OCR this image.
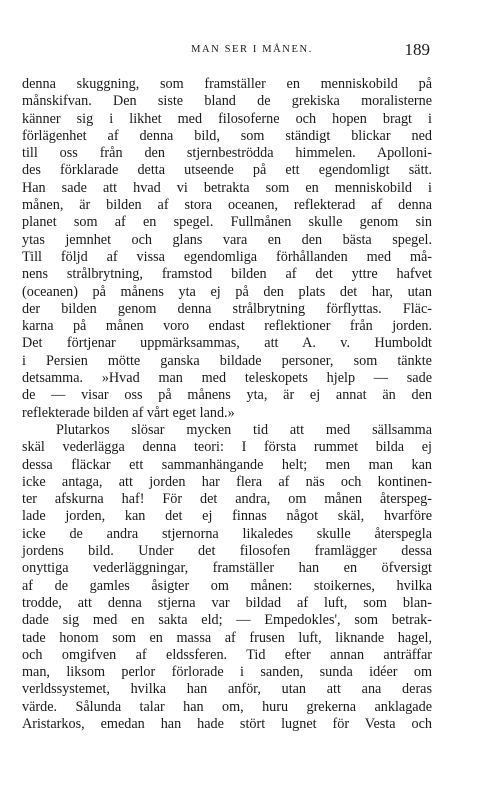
MAN SER I MÅNEN.	189
denna skuggning, som framställer en menniskobild på
månskifvan. Den siste bland de grekiska moralisterne
känner sig i likhet med filosoferne och hopen bragt i
förlägenhet af denna bild, som ständigt blickar ned
till oss från den stjernbeströdda himmelen. Apolloni-
des förklarade detta utseende på ett egendomligt sätt.
Han sade att hvad vi betrakta som en menniskobild i
månen, är bilden af stora oceanen, reflekterad af denna
planet som af en spegel. Fullmånen skulle genom sin
ytas jemnhet och glans vara en den bästa spegel.
Till följd af vissa egendomliga förhållanden med må-
nens strålbrytning, framstod bilden af det yttre hafvet
(oceanen) på månens yta ej på den plats det har, utan
der bilden genom denna strålbrytning förflyttas. Fläc-
karna på månen voro endast reflektioner från jorden.
Det förtjenar uppmärksammas, att A. v. Humboldt
i Persien mötte ganska bildade personer, som tänkte
detsamma. »Hvad man med teleskopets hjelp — sade
de — visar oss på månens yta, är ej annat än den
reflekterade bilden af vårt eget land.»
Plutarkos slösar mycken tid att med sällsamma
skäl vederlägga denna teori: I första rummet bilda ej
dessa fläckar ett sammanhängande helt; men man kan
icke antaga, att jorden har flera af näs och kontinen-
ter afskurna haf! För det andra, om månen återspeg-
lade jorden, kan det ej finnas något skäl, hvarföre
icke de andra stjernorna likaledes skulle återspegla
jordens bild. Under det filosofen framlägger dessa
onyttiga vederläggningar, framställer han en öfversigt
af de gamles åsigter om månen: stoikernes, hvilka
trodde, att denna stjerna var bildad af luft, som blan-
dade sig med en sakta eld; — Empedokles', som betrak-
tade honom som en massa af frusen luft, liknande hagel,
och omgifven af eldssferen. Tid efter annan anträffar
man, liksom perlor förlorade i sanden, sunda idéer om
verldssystemet, hvilka han anför, utan att ana deras
värde. Sålunda talar han om, huru grekerna anklagade
Aristarkos, emedan han hade stört lugnet för Vesta och
